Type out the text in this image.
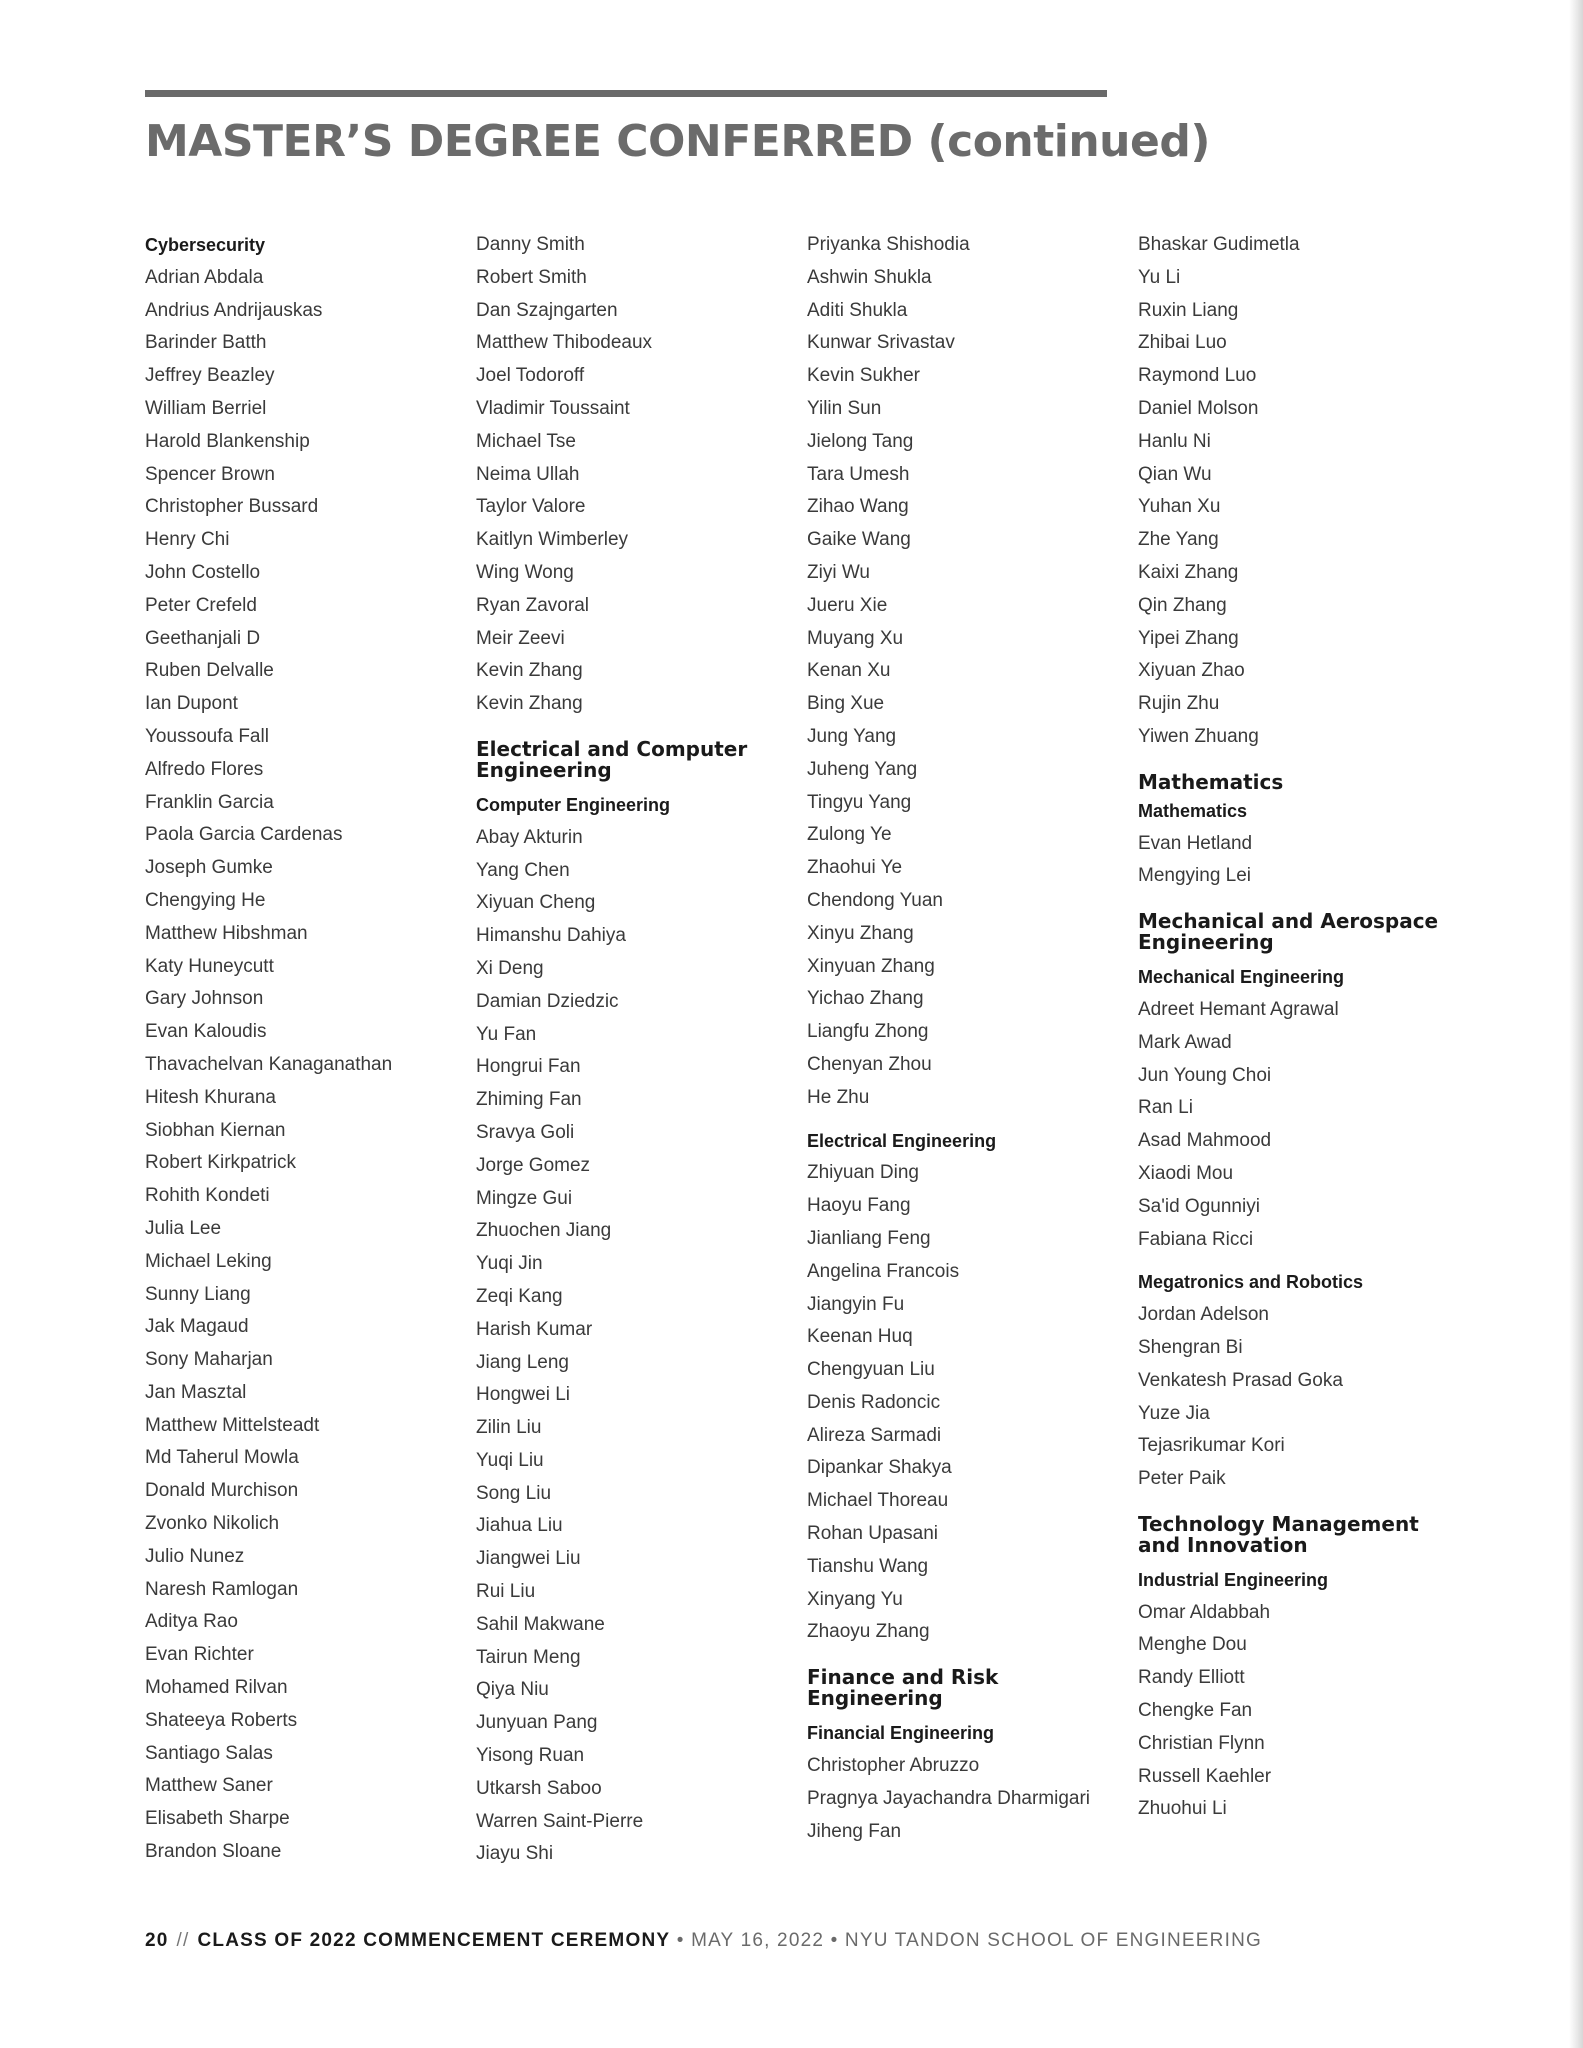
MASTER’S DEGREE CONFERRED (continued)
Cybersecurity
Adrian Abdala
Andrius Andrijauskas
Barinder Batth
Jeffrey Beazley
William Berriel
Harold Blankenship
Spencer Brown
Christopher Bussard
Henry Chi
John Costello
Peter Crefeld
Geethanjali D
Ruben Delvalle
Ian Dupont
Youssoufa Fall
Alfredo Flores
Franklin Garcia
Paola Garcia Cardenas
Joseph Gumke
Chengying He
Matthew Hibshman
Katy Huneycutt
Gary Johnson
Evan Kaloudis
Thavachelvan Kanaganathan
Hitesh Khurana
Siobhan Kiernan
Robert Kirkpatrick
Rohith Kondeti
Julia Lee
Michael Leking
Sunny Liang
Jak Magaud
Sony Maharjan
Jan Masztal
Matthew Mittelsteadt
Md Taherul Mowla
Donald Murchison
Zvonko Nikolich
Julio Nunez
Naresh Ramlogan
Aditya Rao
Evan Richter
Mohamed Rilvan
Shateeya Roberts
Santiago Salas
Matthew Saner
Elisabeth Sharpe
Brandon Sloane
Danny Smith
Robert Smith
Dan Szajngarten
Matthew Thibodeaux
Joel Todoroff
Vladimir Toussaint
Michael Tse
Neima Ullah
Taylor Valore
Kaitlyn Wimberley
Wing Wong
Ryan Zavoral
Meir Zeevi
Kevin Zhang
Kevin Zhang
Electrical and Computer Engineering
Computer Engineering
Abay Akturin
Yang Chen
Xiyuan Cheng
Himanshu Dahiya
Xi Deng
Damian Dziedzic
Yu Fan
Hongrui Fan
Zhiming Fan
Sravya Goli
Jorge Gomez
Mingze Gui
Zhuochen Jiang
Yuqi Jin
Zeqi Kang
Harish Kumar
Jiang Leng
Hongwei Li
Zilin Liu
Yuqi Liu
Song Liu
Jiahua Liu
Jiangwei Liu
Rui Liu
Sahil Makwane
Tairun Meng
Qiya Niu
Junyuan Pang
Yisong Ruan
Utkarsh Saboo
Warren Saint-Pierre
Jiayu Shi
Priyanka Shishodia
Ashwin Shukla
Aditi Shukla
Kunwar Srivastav
Kevin Sukher
Yilin Sun
Jielong Tang
Tara Umesh
Zihao Wang
Gaike Wang
Ziyi Wu
Jueru Xie
Muyang Xu
Kenan Xu
Bing Xue
Jung Yang
Juheng Yang
Tingyu Yang
Zulong Ye
Zhaohui Ye
Chendong Yuan
Xinyu Zhang
Xinyuan Zhang
Yichao Zhang
Liangfu Zhong
Chenyan Zhou
He Zhu
Electrical Engineering
Zhiyuan Ding
Haoyu Fang
Jianliang Feng
Angelina Francois
Jiangyin Fu
Keenan Huq
Chengyuan Liu
Denis Radoncic
Alireza Sarmadi
Dipankar Shakya
Michael Thoreau
Rohan Upasani
Tianshu Wang
Xinyang Yu
Zhaoyu Zhang
Finance and Risk Engineering
Financial Engineering
Christopher Abruzzo
Pragnya Jayachandra Dharmigari
Jiheng Fan
Bhaskar Gudimetla
Yu Li
Ruxin Liang
Zhibai Luo
Raymond Luo
Daniel Molson
Hanlu Ni
Qian Wu
Yuhan Xu
Zhe Yang
Kaixi Zhang
Qin Zhang
Yipei Zhang
Xiyuan Zhao
Rujin Zhu
Yiwen Zhuang
Mathematics
Mathematics
Evan Hetland
Mengying Lei
Mechanical and Aerospace Engineering
Mechanical Engineering
Adreet Hemant Agrawal
Mark Awad
Jun Young Choi
Ran Li
Asad Mahmood
Xiaodi Mou
Sa'id Ogunniyi
Fabiana Ricci
Megatronics and Robotics
Jordan Adelson
Shengran Bi
Venkatesh Prasad Goka
Yuze Jia
Tejasrikumar Kori
Peter Paik
Technology Management and Innovation
Industrial Engineering
Omar Aldabbah
Menghe Dou
Randy Elliott
Chengke Fan
Christian Flynn
Russell Kaehler
Zhuohui Li
20 // CLASS OF 2022 COMMENCEMENT CEREMONY • MAY 16, 2022 • NYU TANDON SCHOOL OF ENGINEERING
